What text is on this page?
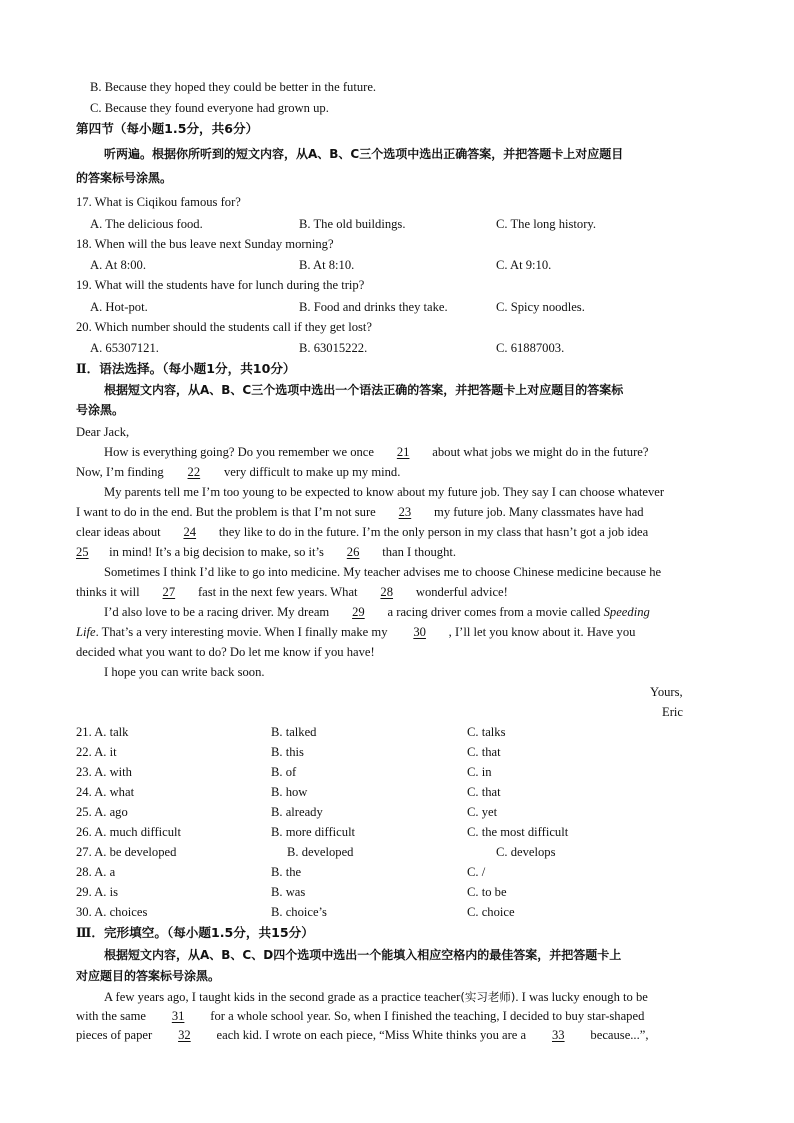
B. Because they hoped they could be better in the future.
C. Because they found everyone had grown up.
第四节（每小题1.5分，共6分）
听两遍。根据你所听到的短文内容，从A、B、C三个选项中选出正确答案，并把答题卡上对应题目
的答案标号涂黑。
17. What is Ciqikou famous for?
A. The delicious food.	B. The old buildings.	C. The long history.
18. When will the bus leave next Sunday morning?
A. At 8:00.	B. At 8:10.	C. At 9:10.
19. What will the students have for lunch during the trip?
A. Hot-pot.	B. Food and drinks they take.	C. Spicy noodles.
20. Which number should the students call if they get lost?
A. 65307121.	B. 63015222.	C. 61887003.
Ⅱ．语法选择。（每小题1分，共10分）
根据短文内容，从A、B、C三个选项中选出一个语法正确的答案，并把答题卡上对应题目的答案标
号涂黑。
Dear Jack,
How is everything going? Do you remember we once 21 about what jobs we might do in the future?
Now, I’m finding 22 very difficult to make up my mind.
My parents tell me I’m too young to be expected to know about my future job. They say I can choose whatever
I want to do in the end. But the problem is that I’m not sure 23 my future job. Many classmates have had
clear ideas about 24 they like to do in the future. I’m the only person in my class that hasn’t got a job idea
25 in mind! It’s a big decision to make, so it’s 26 than I thought.
Sometimes I think I’d like to go into medicine. My teacher advises me to choose Chinese medicine because he
thinks it will 27 fast in the next few years. What 28 wonderful advice!
I’d also love to be a racing driver. My dream 29 a racing driver comes from a movie called Speeding
Life. That’s a very interesting movie. When I finally make my 30 , I’ll let you know about it. Have you
decided what you want to do? Do let me know if you have!
I hope you can write back soon.
Yours,
Eric
21. A. talk	B. talked	C. talks
22. A. it	B. this	C. that
23. A. with	B. of	C. in
24. A. what	B. how	C. that
25. A. ago	B. already	C. yet
26. A. much difficult	B. more difficult	C. the most difficult
27. A. be developed	B. developed	C. develops
28. A. a	B. the	C. /
29. A. is	B. was	C. to be
30. A. choices	B. choice’s	C. choice
Ⅲ．完形填空。（每小题1.5分，共15分）
根据短文内容，从A、B、C、D四个选项中选出一个能填入相应空格内的最佳答案，并把答题卡上
对应题目的答案标号涂黑。
A few years ago, I taught kids in the second grade as a practice teacher(实习老师). I was lucky enough to be
with the same 31 for a whole school year. So, when I finished the teaching, I decided to buy star-shaped
pieces of paper 32 each kid. I wrote on each piece, “Miss White thinks you are a 33 because...”,
